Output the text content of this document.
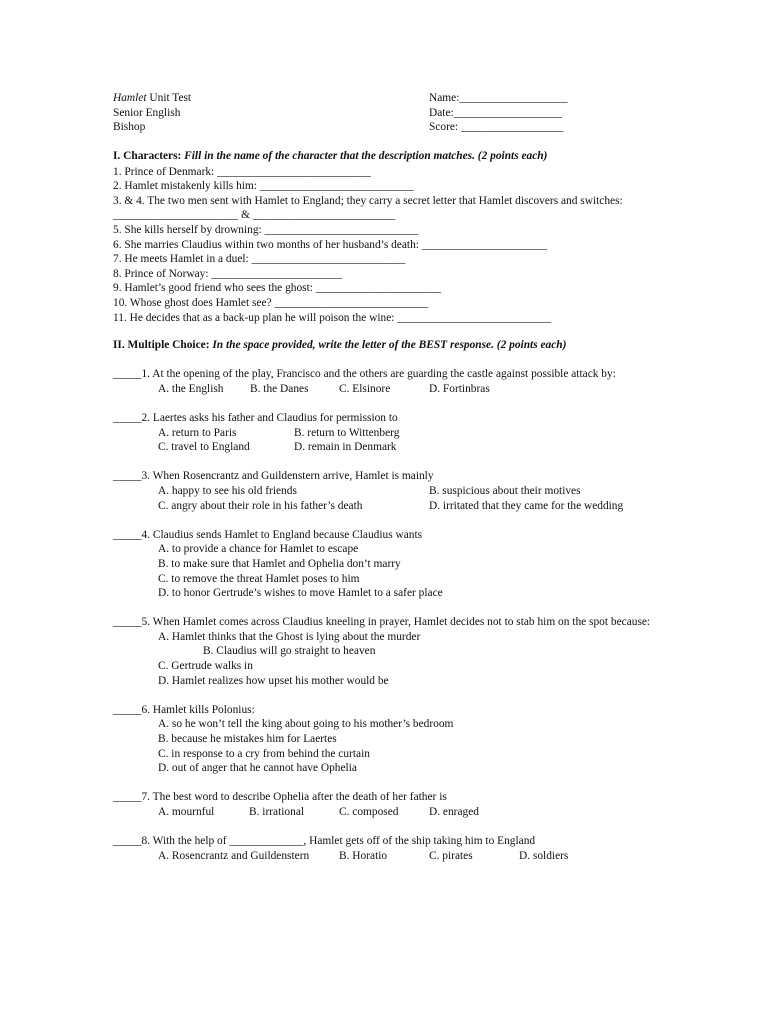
Hamlet Unit Test	Name:___________________
Senior English	Date:___________________
Bishop	Score: __________________
I. Characters: Fill in the name of the character that the description matches. (2 points each)
1. Prince of Denmark: ___________________________
2. Hamlet mistakenly kills him: ___________________________
3. & 4. The two men sent with Hamlet to England; they carry a secret letter that Hamlet discovers and switches: ______________________ & _________________________
5. She kills herself by drowning: ___________________________
6. She marries Claudius within two months of her husband’s death: ______________________
7. He meets Hamlet in a duel: ___________________________
8. Prince of Norway: _______________________
9. Hamlet’s good friend who sees the ghost: ______________________
10. Whose ghost does Hamlet see? ___________________________
11. He decides that as a back-up plan he will poison the wine: ___________________________
II. Multiple Choice: In the space provided, write the letter of the BEST response. (2 points each)
_____1. At the opening of the play, Francisco and the others are guarding the castle against possible attack by:
A. the English B. the Danes	C. Elsinore	D. Fortinbras
_____2. Laertes asks his father and Claudius for permission to
A. return to Paris	B. return to Wittenberg
C. travel to England	D. remain in Denmark
_____3. When Rosencrantz and Guildenstern arrive, Hamlet is mainly
A. happy to see his old friends	B. suspicious about their motives
C. angry about their role in his father’s death	D. irritated that they came for the wedding
_____4. Claudius sends Hamlet to England because Claudius wants
A. to provide a chance for Hamlet to escape
B. to make sure that Hamlet and Ophelia don’t marry
C. to remove the threat Hamlet poses to him
D. to honor Gertrude’s wishes to move Hamlet to a safer place
_____5. When Hamlet comes across Claudius kneeling in prayer, Hamlet decides not to stab him on the spot because:
A. Hamlet thinks that the Ghost is lying about the murder
B. Claudius will go straight to heaven
C. Gertrude walks in
D. Hamlet realizes how upset his mother would be
_____6. Hamlet kills Polonius:
A. so he won’t tell the king about going to his mother’s bedroom
B. because he mistakes him for Laertes
C. in response to a cry from behind the curtain
D. out of anger that he cannot have Ophelia
_____7. The best word to describe Ophelia after the death of her father is
A. mournful	B. irrational	C. composed	D. enraged
_____8. With the help of _____________, Hamlet gets off of the ship taking him to England
A. Rosencrantz and Guildenstern	B. Horatio	C. pirates	D. soldiers
